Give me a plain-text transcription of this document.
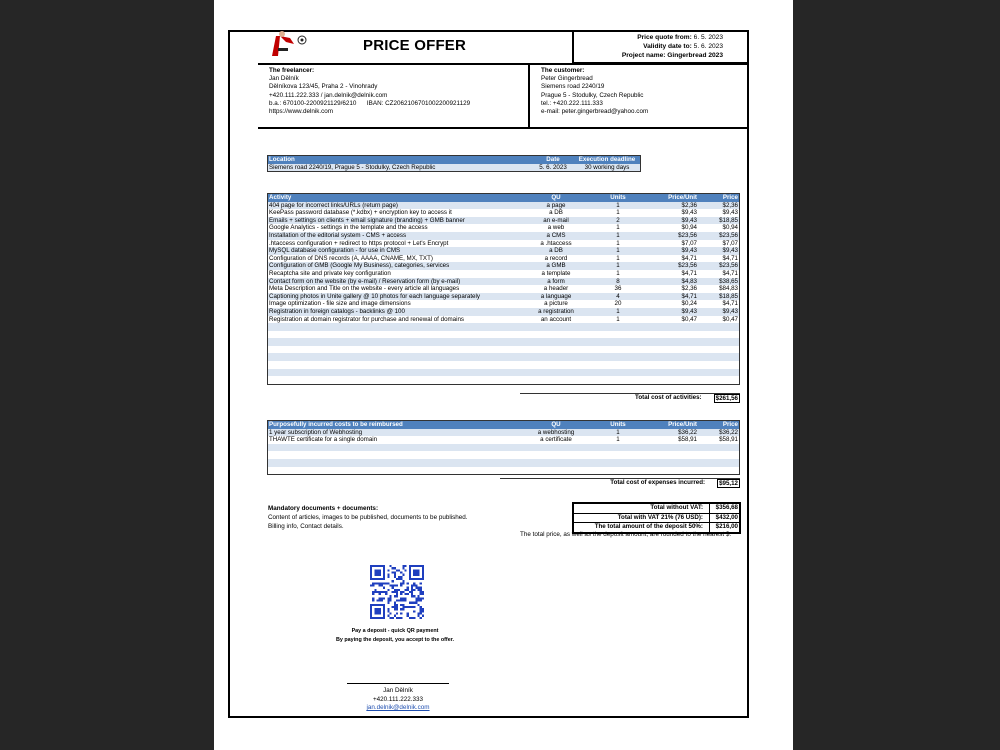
PRICE OFFER	Price quote from: 6. 5. 2023
Validity date to: 5. 6. 2023
Project name: Gingerbread 2023
The freelancer:
Jan Dělník
Dělníkova 123/45, Praha 2 - Vinohrady
+420.111.222.333 / jan.delnik@delnik.com
b.a.: 670100-2200921129/6210      IBAN: CZ2062106701002200921129
https://www.delnik.com
The customer:
Peter Gingerbread
Siemens road 2240/19
Prague 5 - Stodulky, Czech Republic
tel.: +420.222.111.333
e-mail: peter.gingerbread@yahoo.com
Location	Date	Execution deadline
Siemens road 2240/19, Prague 5 - Stodulky, Czech Republic	5. 6. 2023	30 working days
Activity	QU	Units	Price/Unit	Price
404 page for incorrect links/URLs (return page)	a page	1	$2,36	$2,36
KeePass password database (*.kdbx) + encryption key to access it	a DB	1	$9,43	$9,43
Emails + settings on clients + email signature (branding) + GMB banner	an e-mail	2	$9,43	$18,85
Google Analytics - settings in the template and the access	a web	1	$0,94	$0,94
Installation of the editorial system - CMS + access	a CMS	1	$23,56	$23,56
.htaccess configuration + redirect to https protocol + Let's Encrypt	a .htaccess	1	$7,07	$7,07
MySQL database configuration - for use in CMS	a DB	1	$9,43	$9,43
Configuration of DNS records (A, AAAA, CNAME, MX, TXT)	a record	1	$4,71	$4,71
Configuration of GMB (Google My Business), categories, services	a GMB	1	$23,56	$23,56
Recaptcha site and private key configuration	a template	1	$4,71	$4,71
Contact form on the website (by e-mail) / Reservation form (by e-mail)	a form	8	$4,83	$38,65
Meta Description and Title on the website - every article all languages	a header	36	$2,36	$84,83
Captioning photos in Unite gallery @ 10 photos for each language separately	a language	4	$4,71	$18,85
Image optimization - file size and image dimensions	a picture	20	$0,24	$4,71
Registration in foreign catalogs - backlinks @ 100	a registration	1	$9,43	$9,43
Registration at domain registrator for purchase and renewal of domains	an account	1	$0,47	$0,47

Total cost of activities:	$261,56
Purposefully incurred costs to be reimbursed	QU	Units	Price/Unit	Price
1 year subscription of Webhosting	a webhosting	1	$36,22	$36,22
THAWTE certificate for a single domain	a certificate	1	$58,91	$58,91

Total cost of expenses incurred:	$95,12
Mandatory documents + documents:
Content of articles, images to be published, documents to be published.
Billing info, Contact details.
Total without VAT:	$356,68
Total with VAT 21% (76 USD):	$432,00
The total amount of the deposit 50%:	$216,00
The total price, as well as the deposit amount, are rounded to the nearest $.
Pay a deposit - quick QR payment
By paying the deposit, you accept to the offer.
Jan Dělník
+420.111.222.333
jan.delnik@delnik.com
